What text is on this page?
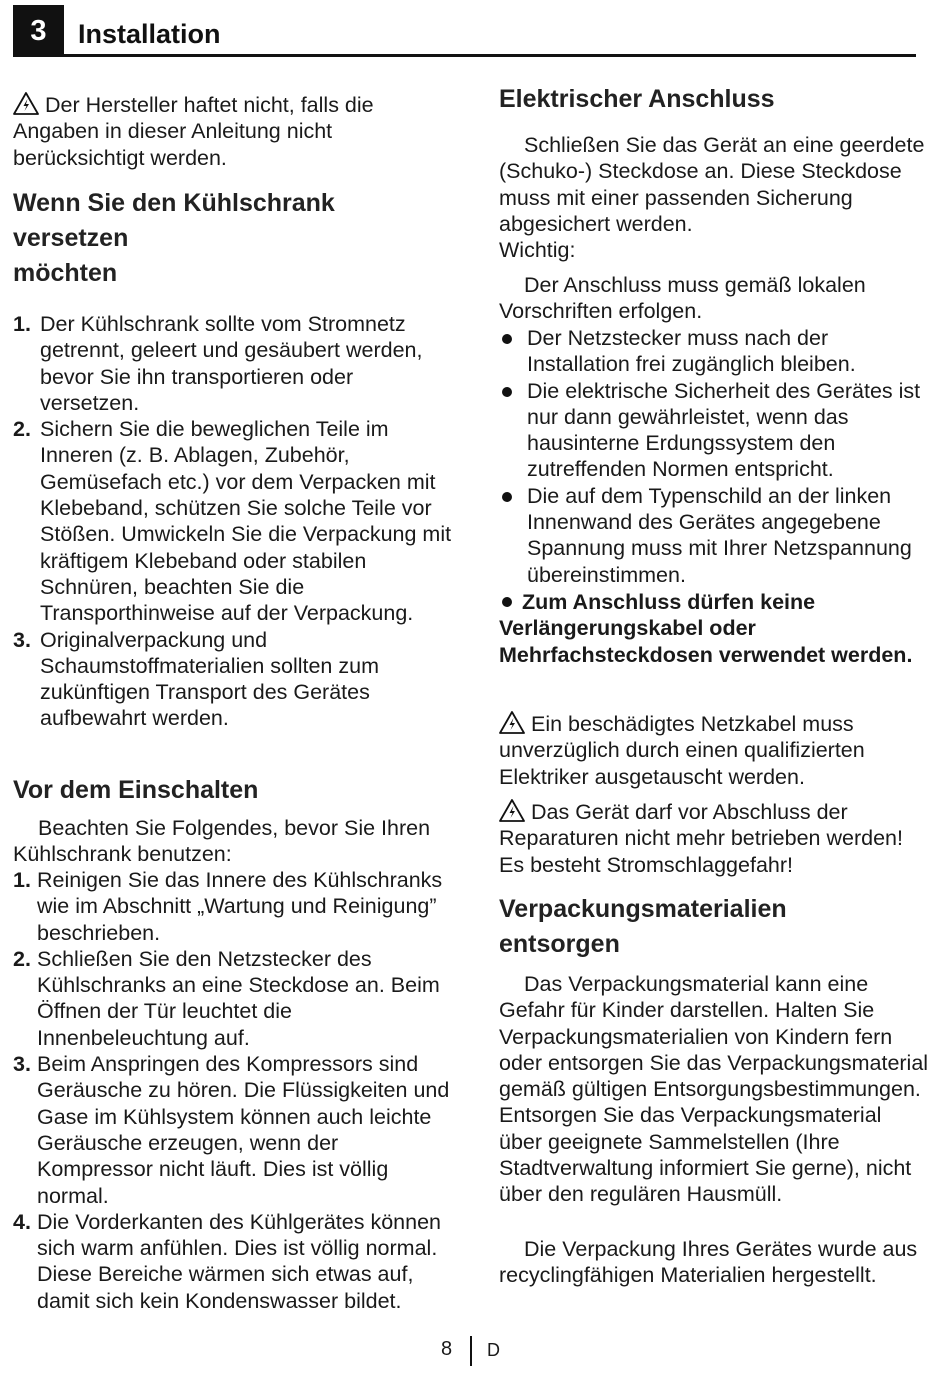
3	Installation

Der Hersteller haftet nicht, falls die Angaben in dieser Anleitung nicht berücksichtigt werden.

Wenn Sie den Kühlschrank
versetzen
möchten
1. Der Kühlschrank sollte vom Stromnetz getrennt, geleert und gesäubert werden, bevor Sie ihn transportieren oder versetzen.
2. Sichern Sie die beweglichen Teile im Inneren (z. B. Ablagen, Zubehör, Gemüsefach etc.) vor dem Verpacken mit Klebeband, schützen Sie solche Teile vor Stößen. Umwickeln Sie die Verpackung mit kräftigem Klebeband oder stabilen Schnüren, beachten Sie die Transporthinweise auf der Verpackung.
3. Originalverpackung und Schaumstoffmaterialien sollten zum zukünftigen Transport des Gerätes aufbewahrt werden.
Vor dem Einschalten

Beachten Sie Folgendes, bevor Sie Ihren Kühlschrank benutzen:

1. Reinigen Sie das Innere des Kühlschranks wie im Abschnitt „Wartung und Reinigung” beschrieben.
2. Schließen Sie den Netzstecker des Kühlschranks an eine Steckdose an. Beim Öffnen der Tür leuchtet die Innenbeleuchtung auf.
3. Beim Anspringen des Kompressors sind Geräusche zu hören. Die Flüssigkeiten und Gase im Kühlsystem können auch leichte Geräusche erzeugen, wenn der Kompressor nicht läuft. Dies ist völlig normal.
4. Die Vorderkanten des Kühlgerätes können sich warm anfühlen. Dies ist völlig normal. Diese Bereiche wärmen sich etwas auf, damit sich kein Kondenswasser bildet.
Elektrischer Anschluss

Schließen Sie das Gerät an eine geerdete (Schuko-) Steckdose an. Diese Steckdose muss mit einer passenden Sicherung abgesichert werden.

Wichtig:

Der Anschluss muss gemäß lokalen Vorschriften erfolgen.

Der Netzstecker muss nach der Installation frei zugänglich bleiben.
Die elektrische Sicherheit des Gerätes ist nur dann gewährleistet, wenn das hausinterne Erdungssystem den zutreffenden Normen entspricht.
Die auf dem Typenschild an der linken Innenwand des Gerätes angegebene Spannung muss mit Ihrer Netzspannung übereinstimmen.

Zum Anschluss dürfen keine Verlängerungskabel oder Mehrfachsteckdosen verwendet werden.

Ein beschädigtes Netzkabel muss unverzüglich durch einen qualifizierten Elektriker ausgetauscht werden.

Das Gerät darf vor Abschluss der Reparaturen nicht mehr betrieben werden! Es besteht Stromschlaggefahr!

Verpackungsmaterialien
entsorgen

Das Verpackungsmaterial kann eine Gefahr für Kinder darstellen. Halten Sie Verpackungsmaterialien von Kindern fern oder entsorgen Sie das Verpackungsmaterial gemäß gültigen Entsorgungsbestimmungen. Entsorgen Sie das Verpackungsmaterial über geeignete Sammelstellen (Ihre Stadtverwaltung informiert Sie gerne), nicht über den regulären Hausmüll.

Die Verpackung Ihres Gerätes wurde aus recyclingfähigen Materialien hergestellt.

8 D
